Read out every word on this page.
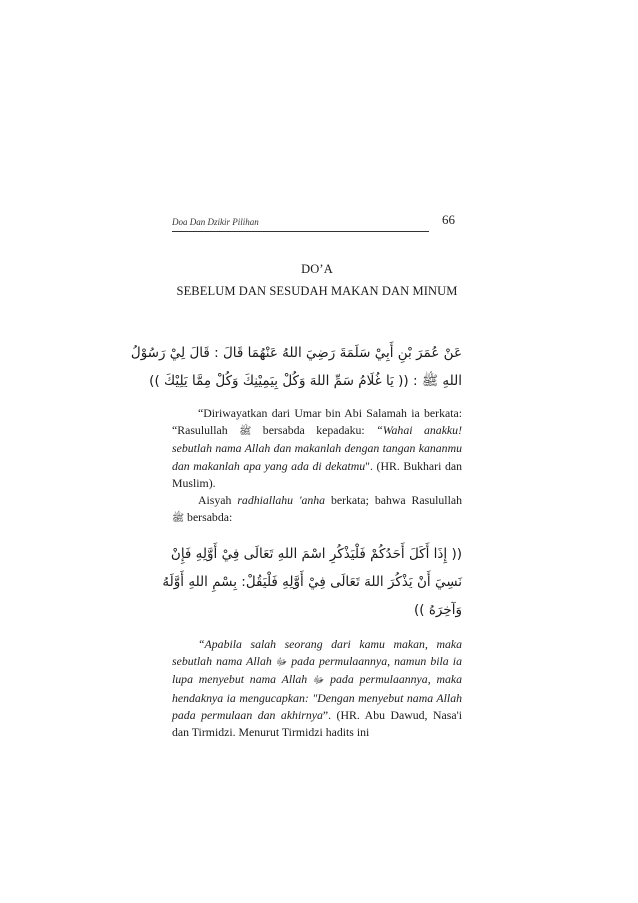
Doa Dan Dzikir Pilihan	66
DO’A
SEBELUM DAN SESUDAH MAKAN DAN MINUM
عَنْ عُمَرَ بْنِ أَبِيْ سَلَمَةَ رَضِيَ اللهُ عَنْهُمَا قَالَ : قَالَ لِيْ رَسُوْلُ
اللهِ ﷺ : (( يَا غُلَامُ سَمِّ اللهَ وَكُلْ بِيَمِيْنِكَ وَكُلْ مِمَّا يَلِيْكَ ))
“Diriwayatkan dari Umar bin Abi Salamah ia berkata: “Rasulullah ﷺ bersabda kepadaku: “Wahai anakku! sebutlah nama Allah dan makanlah dengan tangan kananmu dan makanlah apa yang ada di dekatmu". (HR. Bukhari dan Muslim).
Aisyah radhiallahu 'anha berkata; bahwa Rasulullah ﷺ bersabda:
(( إِذَا أَكَلَ أَحَدُكُمْ فَلْيَذْكُرِ اسْمَ اللهِ تَعَالَى فِيْ أَوَّلِهِ فَإِنْ
نَسِيَ أَنْ يَذْكُرَ اللهَ تَعَالَى فِيْ أَوَّلِهِ فَلْيَقُلْ: بِسْمِ اللهِ أَوَّلَهُ
وَآخِرَهُ ))
“Apabila salah seorang dari kamu makan, maka sebutlah nama Allah ﷻ pada permulaannya, namun bila ia lupa menyebut nama Allah ﷻ pada permulaannya, maka hendaknya ia mengucapkan: "Dengan menyebut nama Allah pada permulaan dan akhirnya”. (HR. Abu Dawud, Nasa'i dan Tirmidzi. Menurut Tirmidzi hadits ini
